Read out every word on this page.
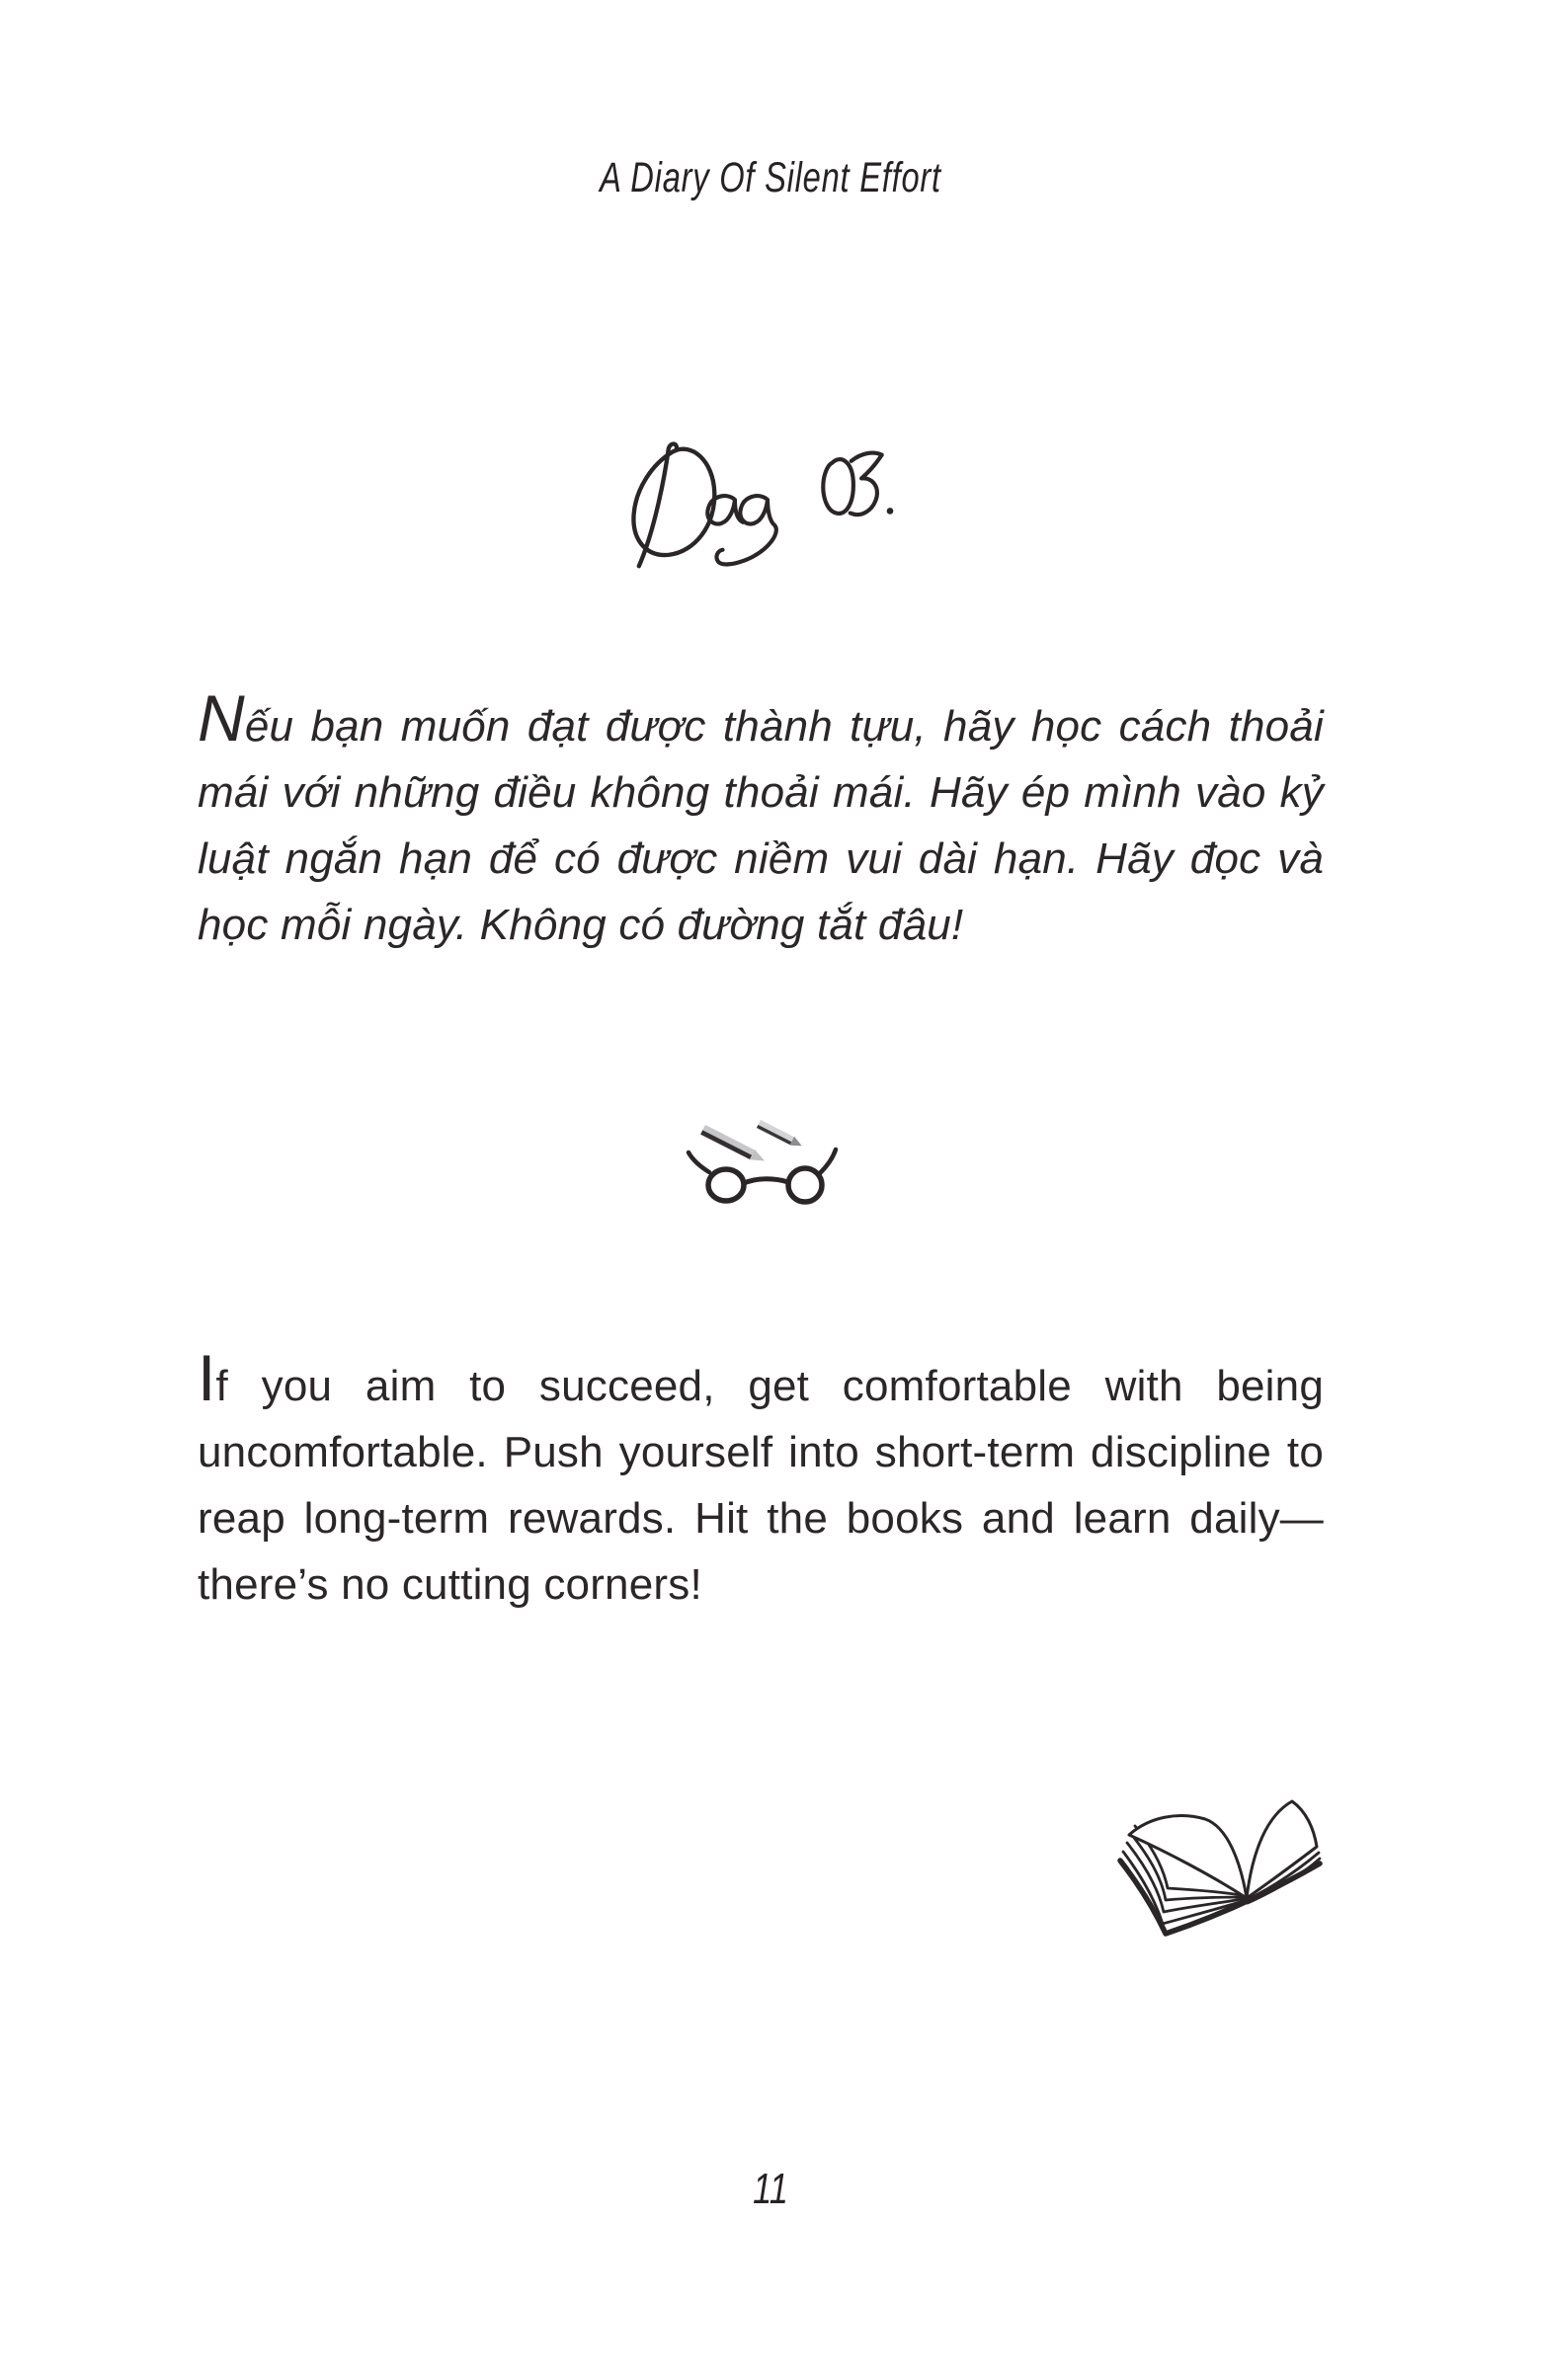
A Diary Of Silent Effort

Nếu bạn muốn đạt được thành tựu, hãy học cách thoải mái với những điều không thoải mái. Hãy ép mình vào kỷ luật ngắn hạn để có được niềm vui dài hạn. Hãy đọc và học mỗi ngày. Không có đường tắt đâu!

If you aim to succeed, get comfortable with being uncomfortable. Push yourself into short-term discipline to reap long-term rewards. Hit the books and learn daily—there’s no cutting corners!

11
